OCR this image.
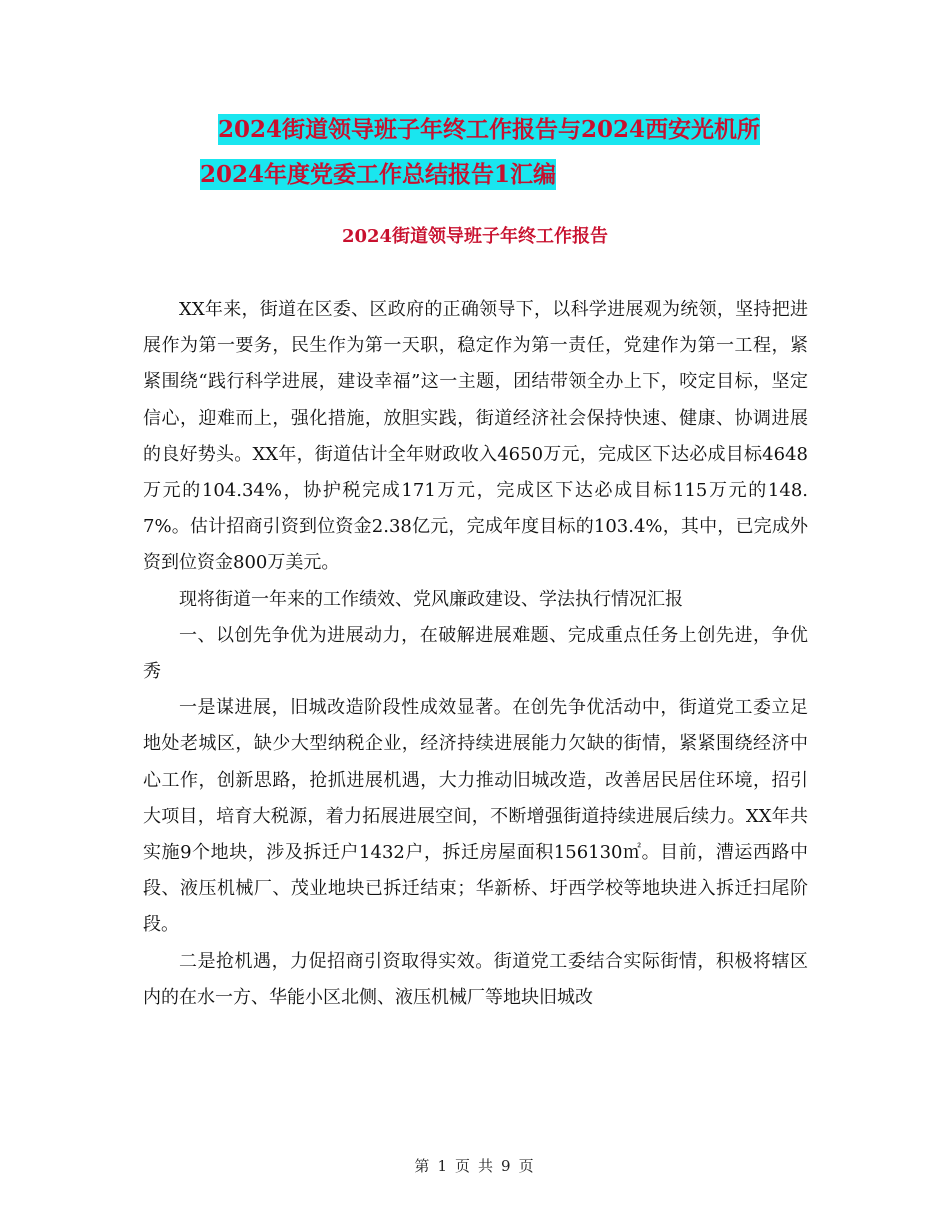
2024街道领导班子年终工作报告与2024西安光机所
2024年度党委工作总结报告1汇编
2024街道领导班子年终工作报告

XX年来，街道在区委、区政府的正确领导下，以科学进展观为统领，坚持把进展作为第一要务，民生作为第一天职，稳定作为第一责任，党建作为第一工程，紧紧围绕“践行科学进展，建设幸福”这一主题，团结带领全办上下，咬定目标，坚定信心，迎难而上，强化措施，放胆实践，街道经济社会保持快速、健康、协调进展的良好势头。XX年，街道估计全年财政收入4650万元，完成区下达必成目标4648万元的104.34%，协护税完成171万元，完成区下达必成目标115万元的148.7%。估计招商引资到位资金2.38亿元，完成年度目标的103.4%，其中，已完成外资到位资金800万美元。

现将街道一年来的工作绩效、党风廉政建设、学法执行情况汇报

一、以创先争优为进展动力，在破解进展难题、完成重点任务上创先进，争优秀

一是谋进展，旧城改造阶段性成效显著。在创先争优活动中，街道党工委立足地处老城区，缺少大型纳税企业，经济持续进展能力欠缺的街情，紧紧围绕经济中心工作，创新思路，抢抓进展机遇，大力推动旧城改造，改善居民居住环境，招引大项目，培育大税源，着力拓展进展空间，不断增强街道持续进展后续力。XX年共实施9个地块，涉及拆迁户1432户，拆迁房屋面积156130㎡。目前，漕运西路中段、液压机械厂、茂业地块已拆迁结束；华新桥、圩西学校等地块进入拆迁扫尾阶段。

二是抢机遇，力促招商引资取得实效。街道党工委结合实际街情，积极将辖区内的在水一方、华能小区北侧、液压机械厂等地块旧城改

第 1 页 共 9 页
